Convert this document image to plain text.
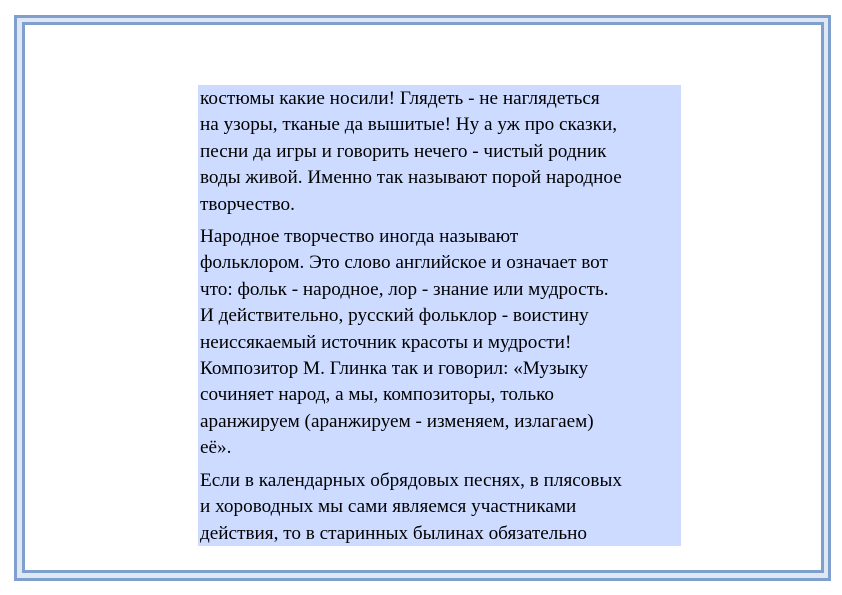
костюмы какие носили! Глядеть - не наглядеться
на узоры, тканые да вышитые! Ну а уж про сказки,
песни да игры и говорить нечего - чистый родник
воды живой. Именно так называют порой народное
творчество.

Народное творчество иногда называют
фольклором. Это слово английское и означает вот
что: фольк - народное, лор - знание или мудрость.
И действительно, русский фольклор - воистину
неиссякаемый источник красоты и мудрости!
Композитор М. Глинка так и говорил: «Музыку
сочиняет народ, а мы, композиторы, только
аранжируем (аранжируем - изменяем, излагаем)
её».

Если в календарных обрядовых песнях, в плясовых
и хороводных мы сами являемся участниками
действия, то в старинных былинах обязательно
